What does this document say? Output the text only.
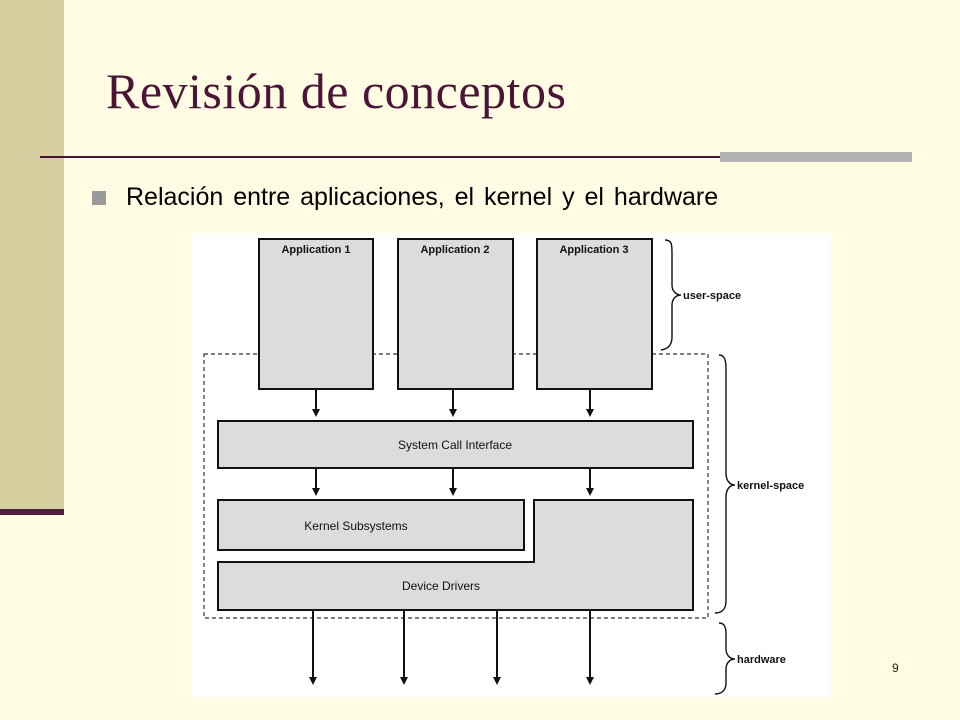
Revisión de conceptos
Relación entre aplicaciones, el kernel y el hardware
Application 1	Application 2	Application 3
System Call Interface
Device Drivers
Kernel Subsystems
user-space
kernel-space
hardware
9
